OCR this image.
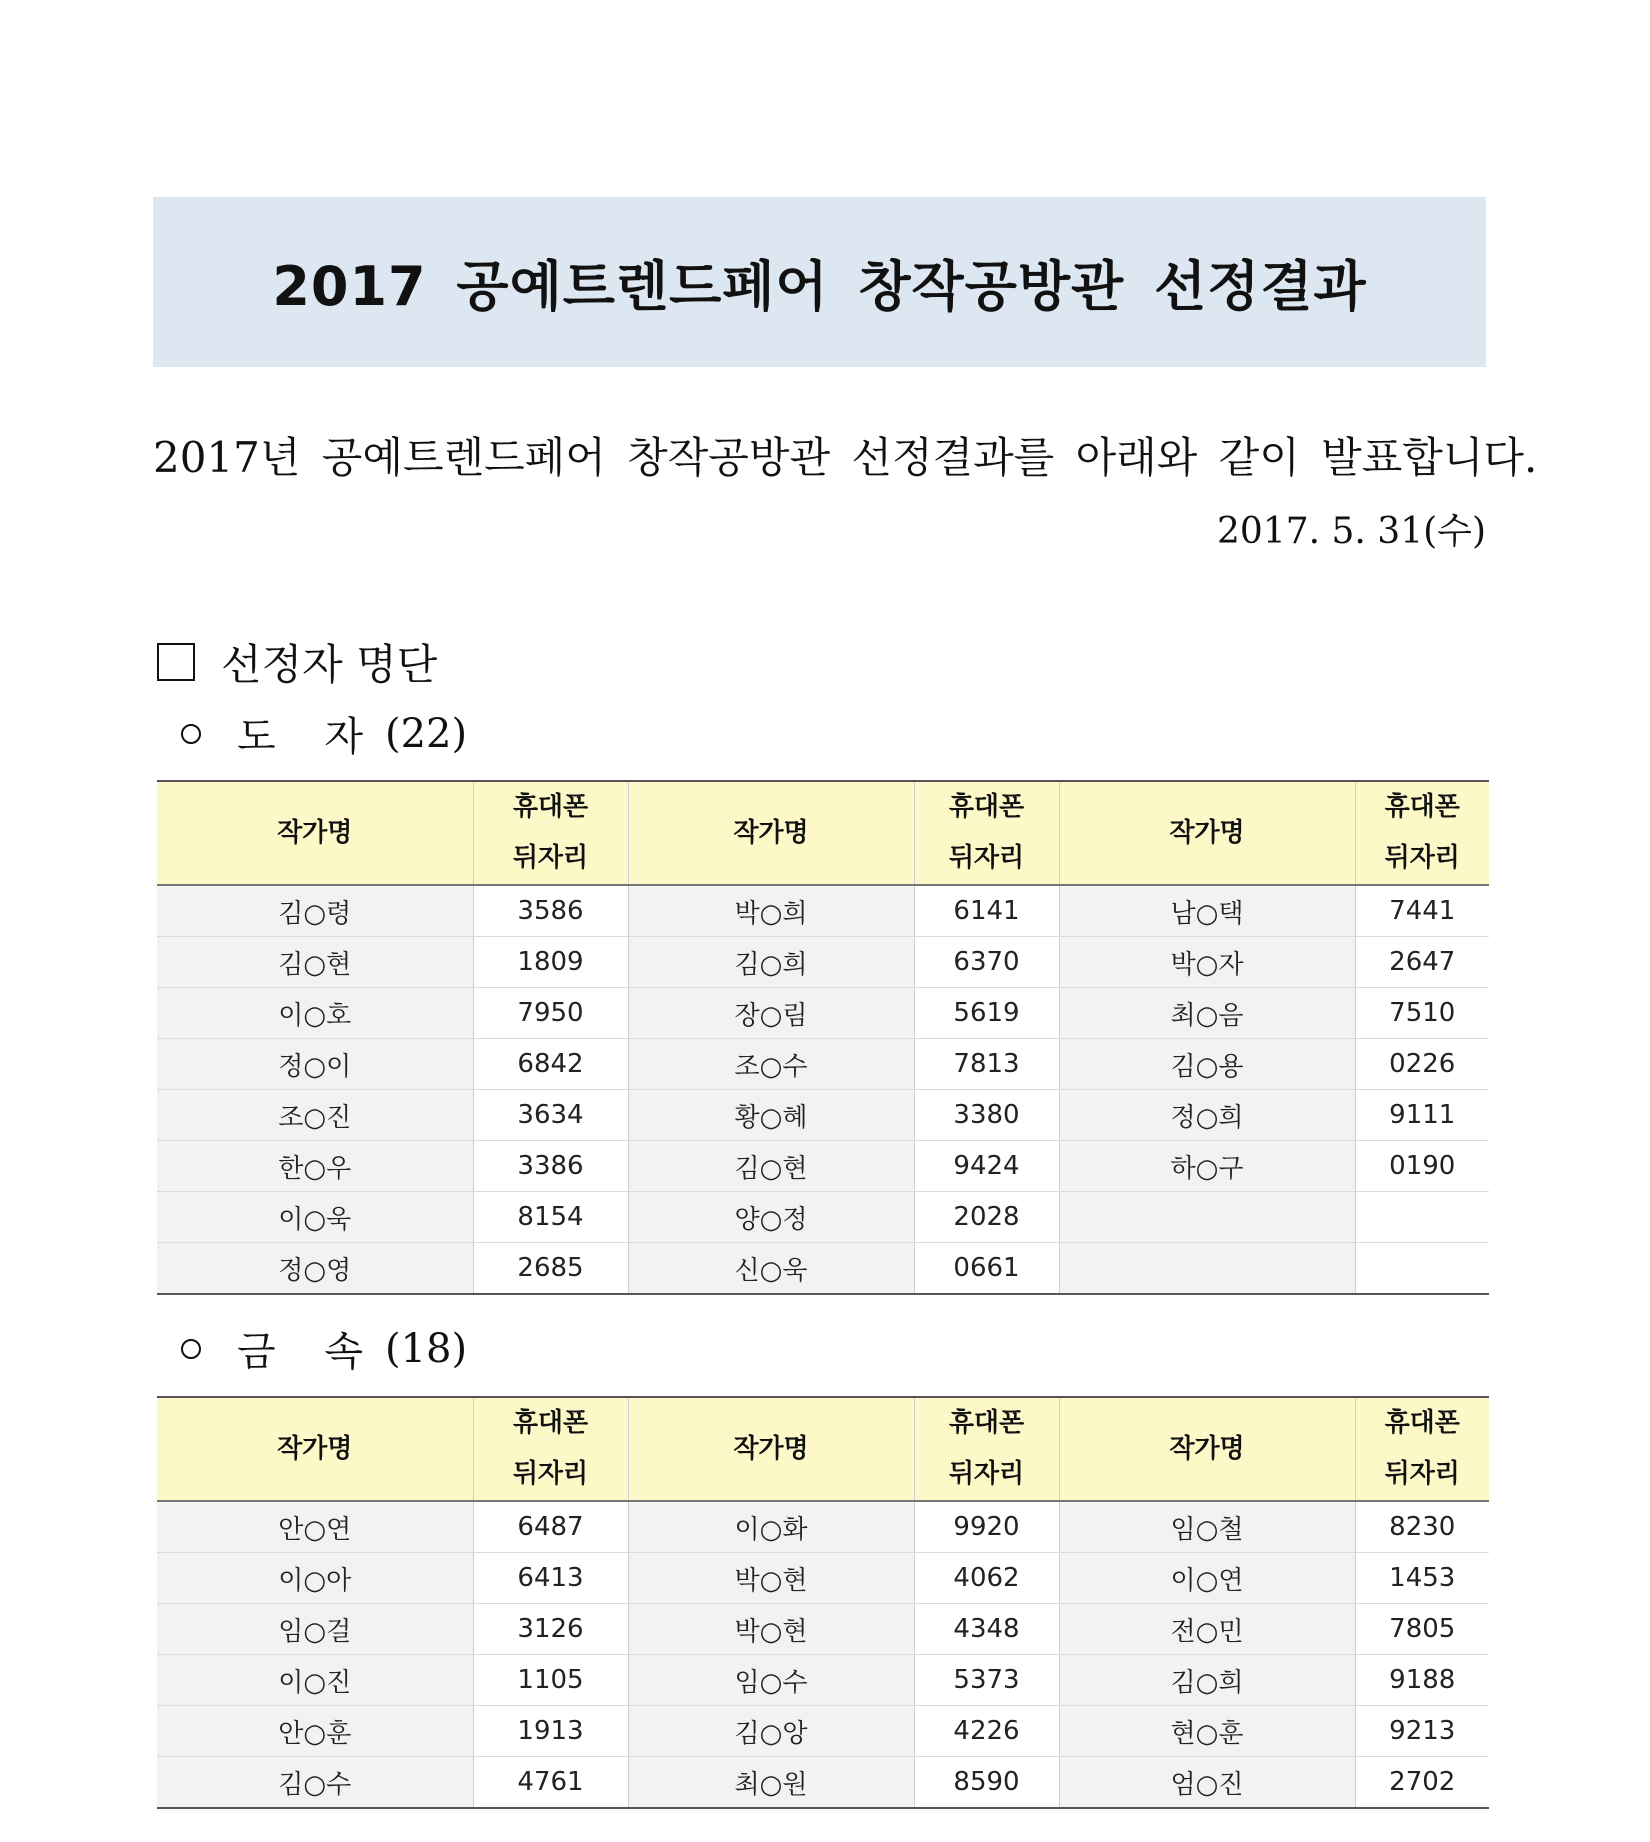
2017 공예트렌드페어 창작공방관 선정결과
2017년 공예트렌드페어 창작공방관 선정결과를 아래와 같이 발표합니다.
2017. 5. 31(수)
선정자 명단
도 자 (22)
작가명	휴대폰
뒤자리	작가명	휴대폰
뒤자리	작가명	휴대폰
뒤자리

김○령	3586	박○희	6141	남○택	7441
김○현	1809	김○희	6370	박○자	2647
이○호	7950	장○림	5619	최○음	7510
정○이	6842	조○수	7813	김○용	0226
조○진	3634	황○혜	3380	정○희	9111
한○우	3386	김○현	9424	하○구	0190
이○욱	8154	양○정	2028		
정○영	2685	신○욱	0661		
금 속 (18)
작가명	휴대폰
뒤자리	작가명	휴대폰
뒤자리	작가명	휴대폰
뒤자리

안○연	6487	이○화	9920	임○철	8230
이○아	6413	박○현	4062	이○연	1453
임○걸	3126	박○현	4348	전○민	7805
이○진	1105	임○수	5373	김○희	9188
안○훈	1913	김○앙	4226	현○훈	9213
김○수	4761	최○원	8590	엄○진	2702
